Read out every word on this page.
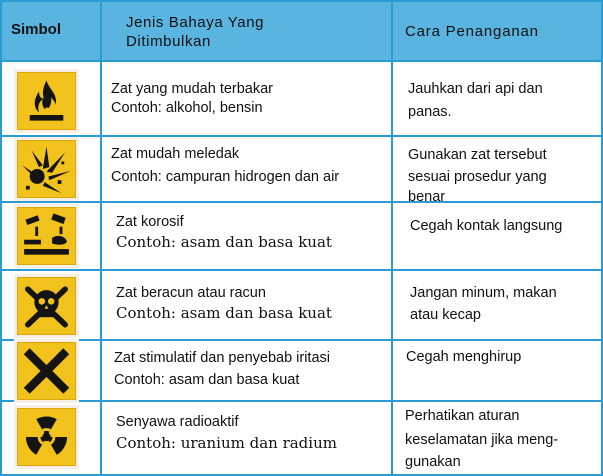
Simbol	Jenis Bahaya Yang
Ditimbulkan
Cara Penanganan
Zat yang mudah terbakar
Contoh: alkohol, bensin
Jauhkan dari api dan
panas.
Zat mudah meledak
Contoh: campuran hidrogen dan air
Gunakan zat tersebut
sesuai prosedur yang
benar
Zat korosif
Contoh: asam dan basa kuat
Cegah kontak langsung
Zat beracun atau racun
Contoh: asam dan basa kuat
Jangan minum, makan
atau kecap
Zat stimulatif dan penyebab iritasi
Contoh: asam dan basa kuat
Cegah menghirup
Senyawa radioaktif
Contoh: uranium dan radium
Perhatikan aturan
keselamatan jika meng-
gunakan
